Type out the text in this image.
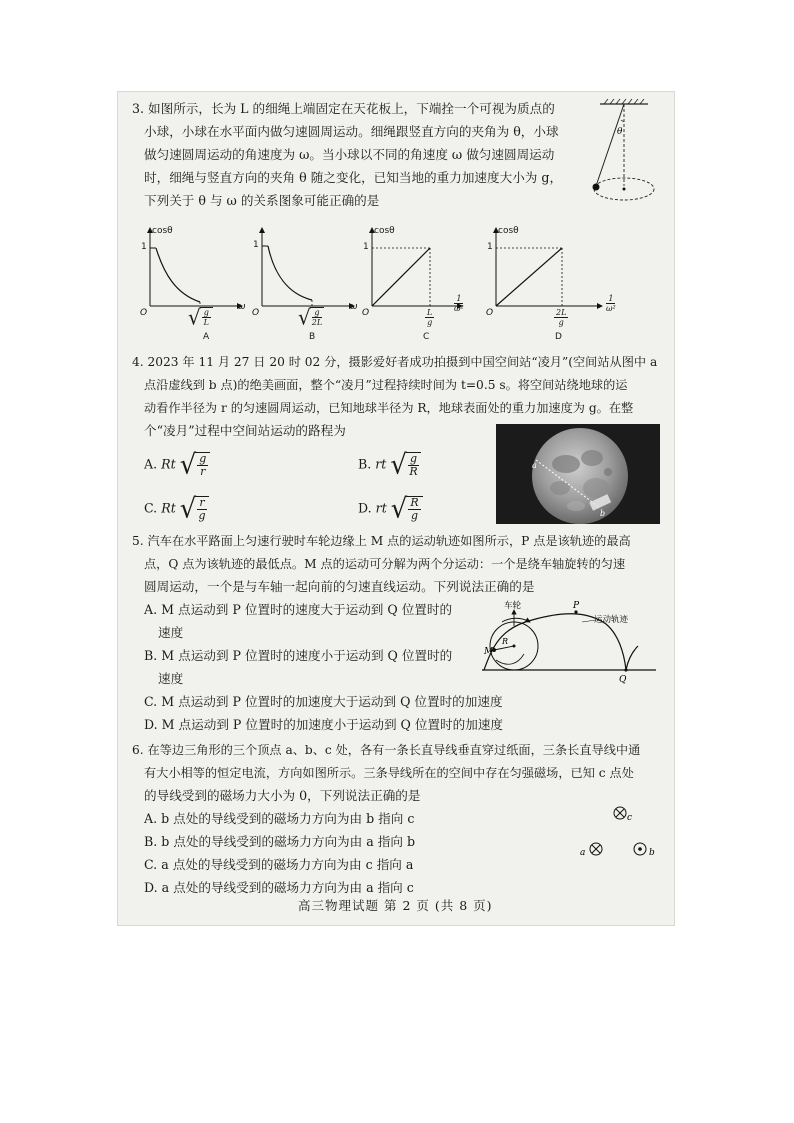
3. 如图所示，长为 L 的细绳上端固定在天花板上，下端拴一个可视为质点的
小球，小球在水平面内做匀速圆周运动。细绳跟竖直方向的夹角为 θ，小球
做匀速圆周运动的角速度为 ω。当小球以不同的角速度 ω 做匀速圆周运动
时，细绳与竖直方向的夹角 θ 随之变化，已知当地的重力加速度大小为 g，
下列关于 θ 与 ω 的关系图象可能正确的是
θ
cosθ
1
O
ω
√ $\frac{g}{L}$
A
1
O
ω
√ $\frac{g}{2L}$
B
cosθ
1
O	$\frac{1}{\text{ω²}}$
$\frac{L}{g}$
C
cosθ
1
O	$\frac{1}{\text{ω²}}$
$\frac{2L}{g}$
D
4. 2023 年 11 月 27 日 20 时 02 分，摄影爱好者成功拍摄到中国空间站“凌月”(空间站从图中 a
点沿虚线到 b 点)的绝美画面，整个“凌月”过程持续时间为 t=0.5 s。将空间站绕地球的运
动看作半径为 r 的匀速圆周运动，已知地球半径为 R，地球表面处的重力加速度为 g。在整
个“凌月”过程中空间站运动的路程为
A. Rt √ $\frac{g}{r}$	B. rt √ $\frac{g}{R}$
C. Rt √ $\frac{r}{g}$	D. rt √ $\frac{R}{g}$
a
b
5. 汽车在水平路面上匀速行驶时车轮边缘上 M 点的运动轨迹如图所示，P 点是该轨迹的最高
点，Q 点为该轨迹的最低点。M 点的运动可分解为两个分运动：一个是绕车轴旋转的匀速
圆周运动，一个是与车轴一起向前的匀速直线运动。下列说法正确的是
A. M 点运动到 P 位置时的速度大于运动到 Q 位置时的
速度
B. M 点运动到 P 位置时的速度小于运动到 Q 位置时的
速度
C. M 点运动到 P 位置时的加速度大于运动到 Q 位置时的加速度
D. M 点运动到 P 位置时的加速度小于运动到 Q 位置时的加速度
车轮
运动轨迹
P
Q
M
R
6. 在等边三角形的三个顶点 a、b、c 处，各有一条长直导线垂直穿过纸面，三条长直导线中通
有大小相等的恒定电流，方向如图所示。三条导线所在的空间中存在匀强磁场，已知 c 点处
的导线受到的磁场力大小为 0，下列说法正确的是
A. b 点处的导线受到的磁场力方向为由 b 指向 c
B. b 点处的导线受到的磁场力方向为由 a 指向 b
C. a 点处的导线受到的磁场力方向为由 c 指向 a
D. a 点处的导线受到的磁场力方向为由 a 指向 c
c
a	b
高三物理试题 第 2 页 (共 8 页)
